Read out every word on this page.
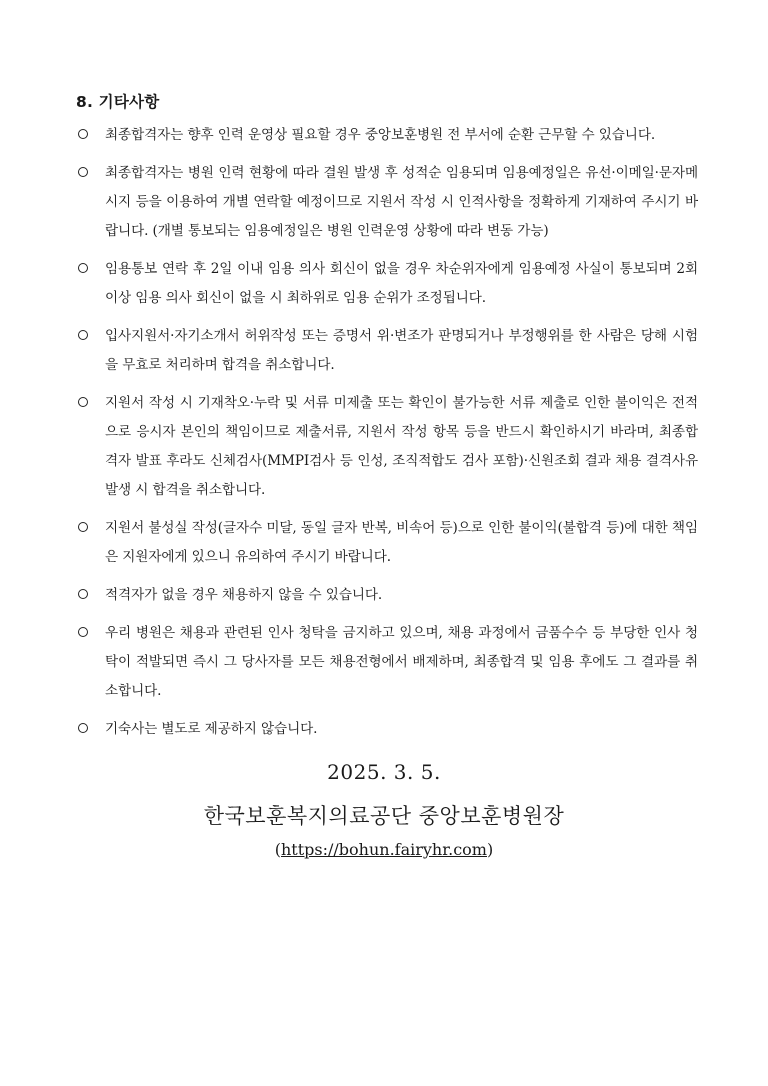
8. 기타사항
최종합격자는 향후 인력 운영상 필요할 경우 중앙보훈병원 전 부서에 순환 근무할 수 있습니다.
최종합격자는 병원 인력 현황에 따라 결원 발생 후 성적순 임용되며 임용예정일은 유선·이메일·문자메시지 등을 이용하여 개별 연락할 예정이므로 지원서 작성 시 인적사항을 정확하게 기재하여 주시기 바랍니다. (개별 통보되는 임용예정일은 병원 인력운영 상황에 따라 변동 가능)
임용통보 연락 후 2일 이내 임용 의사 회신이 없을 경우 차순위자에게 임용예정 사실이 통보되며 2회 이상 임용 의사 회신이 없을 시 최하위로 임용 순위가 조정됩니다.
입사지원서·자기소개서 허위작성 또는 증명서 위·변조가 판명되거나 부정행위를 한 사람은 당해 시험을 무효로 처리하며 합격을 취소합니다.
지원서 작성 시 기재착오·누락 및 서류 미제출 또는 확인이 불가능한 서류 제출로 인한 불이익은 전적으로 응시자 본인의 책임이므로 제출서류, 지원서 작성 항목 등을 반드시 확인하시기 바라며, 최종합격자 발표 후라도 신체검사(MMPI검사 등 인성, 조직적합도 검사 포함)·신원조회 결과 채용 결격사유 발생 시 합격을 취소합니다.
지원서 불성실 작성(글자수 미달, 동일 글자 반복, 비속어 등)으로 인한 불이익(불합격 등)에 대한 책임은 지원자에게 있으니 유의하여 주시기 바랍니다.
적격자가 없을 경우 채용하지 않을 수 있습니다.
우리 병원은 채용과 관련된 인사 청탁을 금지하고 있으며, 채용 과정에서 금품수수 등 부당한 인사 청탁이 적발되면 즉시 그 당사자를 모든 채용전형에서 배제하며, 최종합격 및 임용 후에도 그 결과를 취소합니다.
기숙사는 별도로 제공하지 않습니다.
2025. 3. 5.
한국보훈복지의료공단 중앙보훈병원장
(https://bohun.fairyhr.com)
